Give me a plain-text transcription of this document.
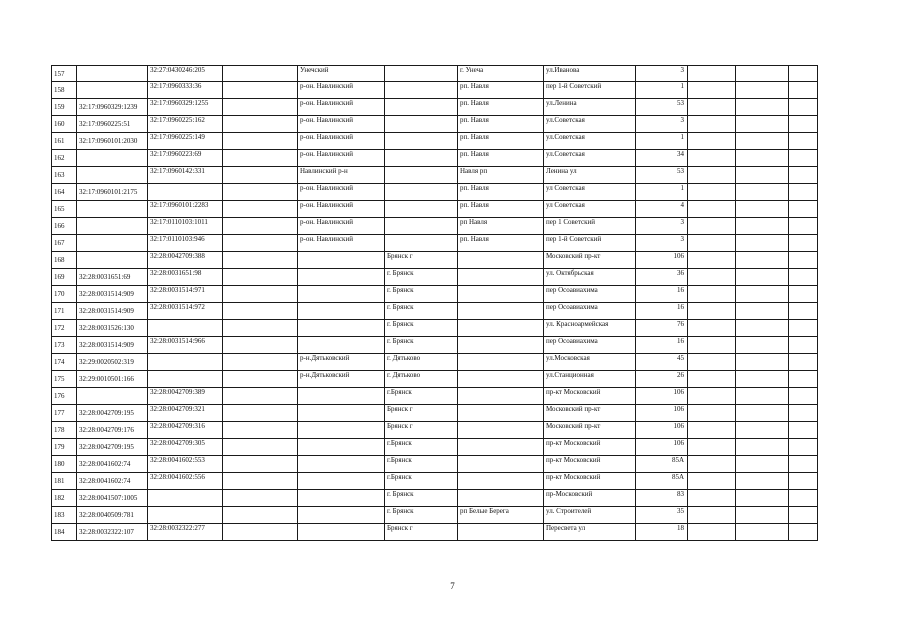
157		32:27:0430246:205		Унечский		г. Унеча	ул.Иванова		3			
158		32:17:0960333:36		р-он. Навлинский		рп. Навля	пер 1-й Советский		1			
159	32:17:0960329:1239	32:17:0960329:1255		р-он. Навлинский		рп. Навля	ул.Ленина		53			
160	32:17:0960225:51	32:17:0960225:162		р-он. Навлинский		рп. Навля	ул.Советская		3			
161	32:17:0960101:2030	32:17:0960225:149		р-он. Навлинский		рп. Навля	ул.Советская		1			
162		32:17:0960223:69		р-он. Навлинский		рп. Навля	ул.Советская		34			
163		32:17:0960142:331		Навлинский р-н		Навля рп	Ленина ул		53			
164	32:17:0960101:2175			р-он. Навлинский		рп. Навля	ул Советская		1			
165		32:17:0960101:2283		р-он. Навлинский		рп. Навля	ул Советская		4			
166		32:17:0110103:1011		р-он. Навлинский		рп Навля	пер 1 Советский		3			
167		32:17:0110103:946		р-он. Навлинский		рп. Навля	пер 1-й Советский		3			
168		32:28:0042709:388			Брянск г		Московский пр-кт		106			
169	32:28:0031651:69	32:28:0031651:98			г. Брянск		ул. Октябрьская		36			
170	32:28:0031514:909	32:28:0031514:971			г. Брянск		пер Осоавиахима		16			
171	32:28:0031514:909	32:28:0031514:972			г. Брянск		пер Осоавиахима		16			
172	32:28:0031526:130				г. Брянск		ул. Красноармейская		76			
173	32:28:0031514:909	32:28:0031514:966			г. Брянск		пер Осоавиахима		16			
174	32:29:0020502:319			р-н.Дятьковский	г. Дятьково		ул.Московская		45			
175	32:29:0010501:166			р-н.Дятьковский	г. Дятьково		ул.Станционная		26			
176		32:28:0042709:389			г.Брянск		пр-кт Московский		106			
177	32:28:0042709:195	32:28:0042709:321			Брянск г		Московский пр-кт		106			
178	32:28:0042709:176	32:28:0042709:316			Брянск г		Московский пр-кт		106			
179	32:28:0042709:195	32:28:0042709:305			г.Брянск		пр-кт Московский		106			
180	32:28:0041602:74	32:28:0041602:553			г.Брянск		пр-кт Московский		85А			
181	32:28:0041602:74	32:28:0041602:556			г.Брянск		пр-кт Московский		85А			
182	32:28:0041507:1005				г. Брянск		пр-Московский		83			
183	32:28:0040509:781				г. Брянск	рп Белые Берега	ул. Строителей		35			
184	32:28:0032322:107	32:28:0032322:277			Брянск г		Пересвета ул		18			
7
